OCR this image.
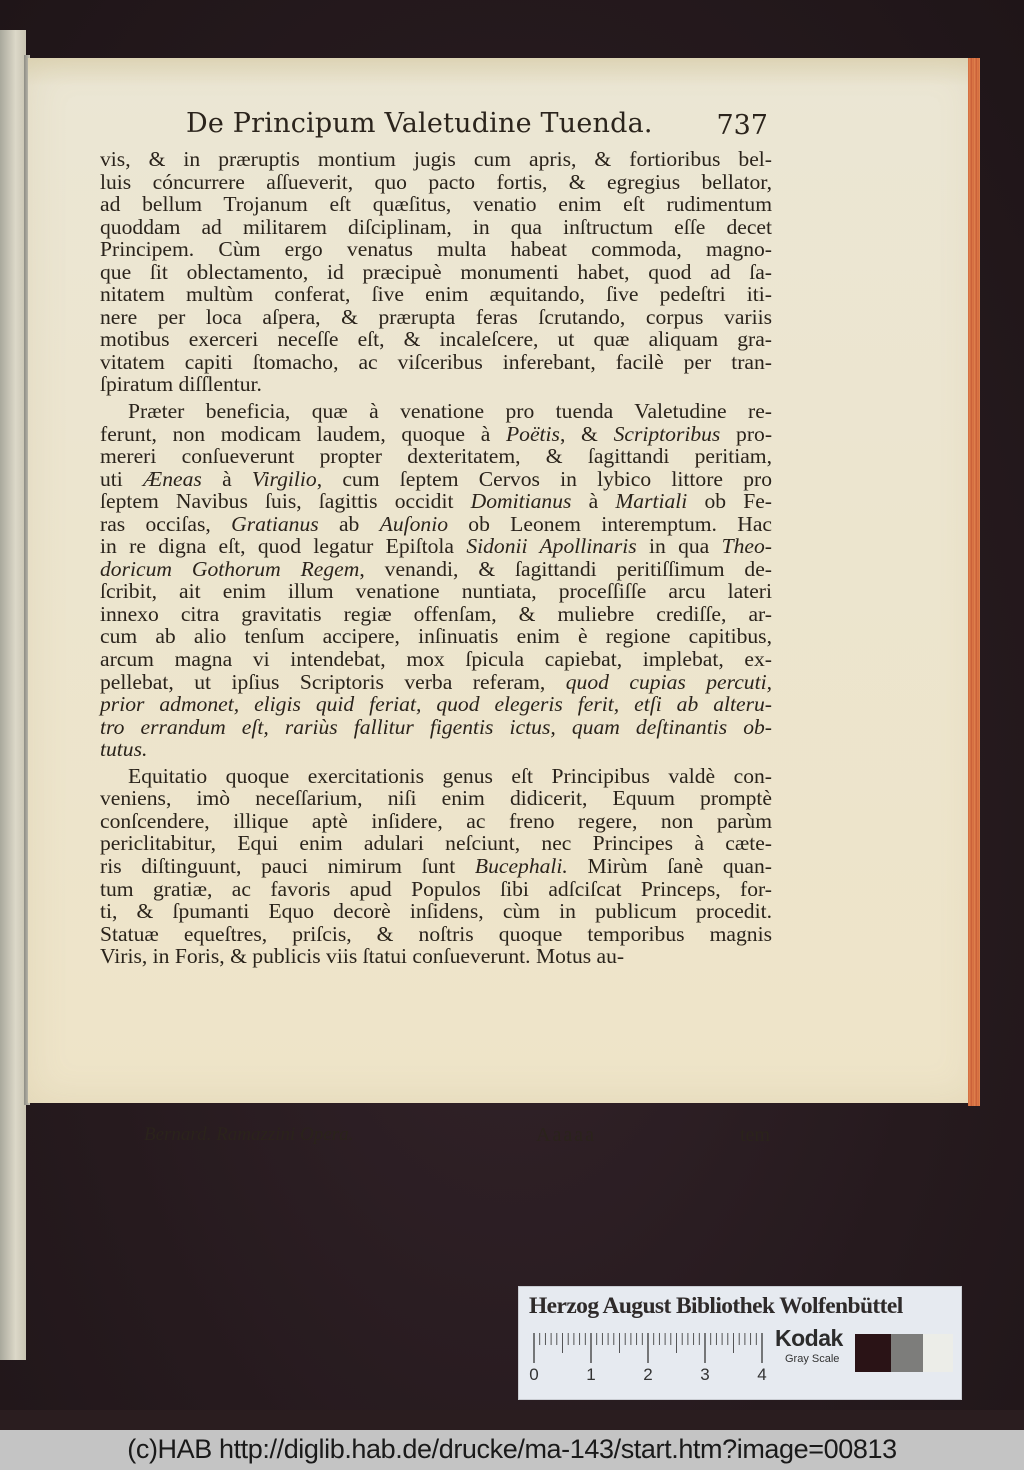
De Principum Valetudine Tuenda. 737
vis, & in præruptis montium jugis cum apris, & fortioribus bel-
luis cóncurrere aſſueverit, quo pacto fortis, & egregius bellator,
ad bellum Trojanum eſt quæſitus, venatio enim eſt rudimentum
quoddam ad militarem diſciplinam, in qua inſtructum eſſe decet
Principem. Cùm ergo venatus multa habeat commoda, magno-
que ſit oblectamento, id præcipuè monumenti habet, quod ad ſa-
nitatem multùm conferat, ſive enim æquitando, ſive pedeſtri iti-
nere per loca aſpera, & prærupta feras ſcrutando, corpus variis
motibus exerceri neceſſe eſt, & incaleſcere, ut quæ aliquam gra-
vitatem capiti ſtomacho, ac viſceribus inferebant, facilè per tran-
ſpiratum diſſlentur.
Præter beneficia, quæ à venatione pro tuenda Valetudine re-
ferunt, non modicam laudem, quoque à Poëtis, & Scriptoribus pro-
mereri conſueverunt propter dexteritatem, & ſagittandi peritiam,
uti Æneas à Virgilio, cum ſeptem Cervos in lybico littore pro
ſeptem Navibus ſuis, ſagittis occidit Domitianus à Martiali ob Fe-
ras occiſas, Gratianus ab Auſonio ob Leonem interemptum. Hac
in re digna eſt, quod legatur Epiſtola Sidonii Apollinaris in qua Theo-
doricum Gothorum Regem, venandi, & ſagittandi peritiſſimum de-
ſcribit, ait enim illum venatione nuntiata, proceſſiſſe arcu lateri
innexo citra gravitatis regiæ offenſam, & muliebre crediſſe, ar-
cum ab alio tenſum accipere, inſinuatis enim è regione capitibus,
arcum magna vi intendebat, mox ſpicula capiebat, implebat, ex-
pellebat, ut ipſius Scriptoris verba referam, quod cupias percuti,
prior admonet, eligis quid feriat, quod elegeris ferit, etſi ab alteru-
tro errandum eſt, rariùs fallitur figentis ictus, quam deſtinantis ob-
tutus.
Equitatio quoque exercitationis genus eſt Principibus valdè con-
veniens, imò neceſſarium, niſi enim didicerit, Equum promptè
conſcendere, illique aptè inſidere, ac freno regere, non parùm
periclitabitur, Equi enim adulari neſciunt, nec Principes à cæte-
ris diſtinguunt, pauci nimirum ſunt Bucephali. Mirùm ſanè quan-
tum gratiæ, ac favoris apud Populos ſibi adſciſcat Princeps, for-
ti, & ſpumanti Equo decorè inſidens, cùm in publicum procedit.
Statuæ equeſtres, priſcis, & noſtris quoque temporibus magnis
Viris, in Foris, & publicis viis ſtatui conſueverunt. Motus au-
Bernard. Ramazzini Opera.	Aaaaa	tem
Herzog August Bibliothek Wolfenbüttel
0	1	2	3	4
Kodak
Gray Scale
(c)HAB http://diglib.hab.de/drucke/ma-143/start.htm?image=00813
